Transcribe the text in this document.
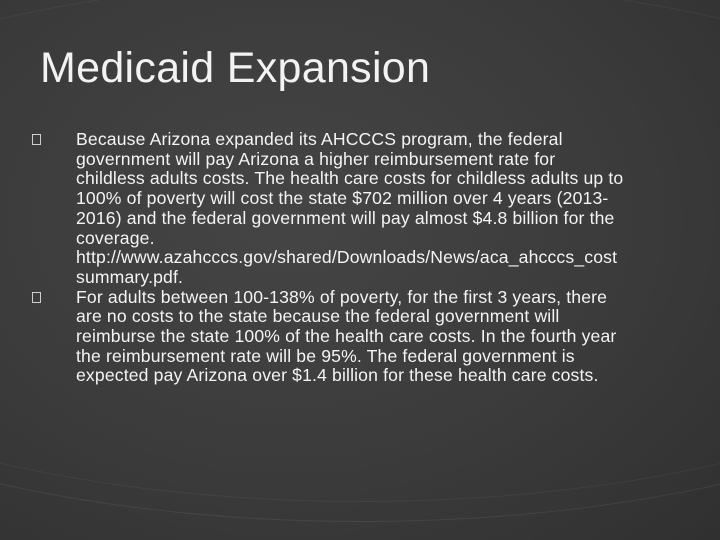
Medicaid Expansion
Because Arizona expanded its AHCCCS program, the federal government will pay Arizona a higher reimbursement rate for childless adults costs. The health care costs for childless adults up to 100% of poverty will cost the state $702 million over 4 years (2013-2016) and the federal government will pay almost $4.8 billion for the coverage. http://www.azahcccs.gov/shared/Downloads/News/aca_ahcccs_costsummary.pdf.
For adults between 100-138% of poverty, for the first 3 years, there are no costs to the state because the federal government will reimburse the state 100% of the health care costs. In the fourth year the reimbursement rate will be 95%. The federal government is expected pay Arizona over $1.4 billion for these health care costs.
